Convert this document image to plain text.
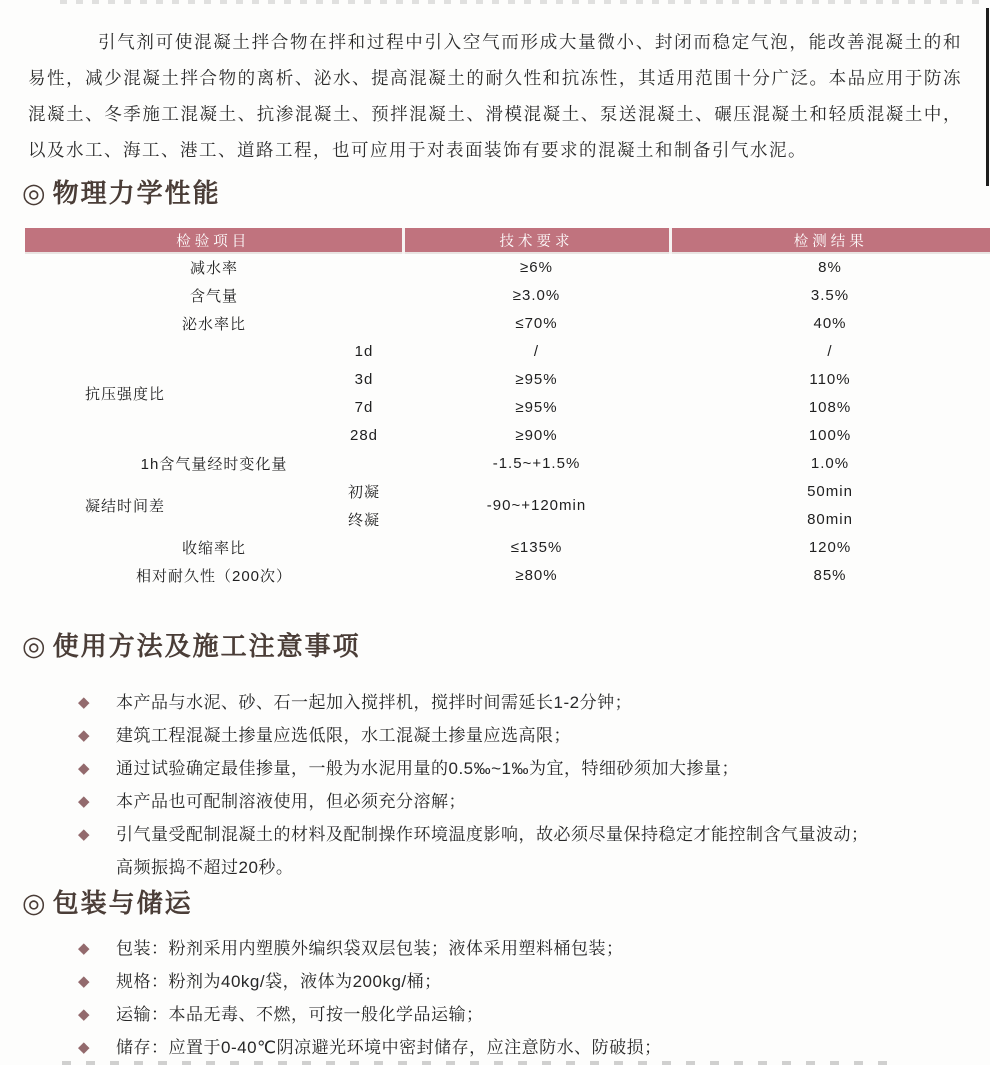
引气剂可使混凝土拌合物在拌和过程中引入空气而形成大量微小、封闭而稳定气泡，能改善混凝土的和易性，减少混凝土拌合物的离析、泌水、提高混凝土的耐久性和抗冻性，其适用范围十分广泛。本品应用于防冻混凝土、冬季施工混凝土、抗渗混凝土、预拌混凝土、滑模混凝土、泵送混凝土、碾压混凝土和轻质混凝土中，以及水工、海工、港工、道路工程，也可应用于对表面装饰有要求的混凝土和制备引气水泥。

◎ 物理力学性能
检验项目		技术要求	检测结果
减水率		≥6%	8%
含气量		≥3.0%	3.5%
泌水率比		≤70%	40%
抗压强度比	1d	/	/
	3d	≥95%	110%
	7d	≥95%	108%
	28d	≥90%	100%
1h含气量经时变化量		-1.5~+1.5%	1.0%
凝结时间差	初凝	-90~+120min	50min
	终凝		80min
收缩率比		≤135%	120%
相对耐久性（200次）		≥80%	85%
◎ 使用方法及施工注意事项
◆ 本产品与水泥、砂、石一起加入搅拌机，搅拌时间需延长1-2分钟；
◆ 建筑工程混凝土掺量应选低限，水工混凝土掺量应选高限；
◆ 通过试验确定最佳掺量，一般为水泥用量的0.5‰~1‰为宜，特细砂须加大掺量；
◆ 本产品也可配制溶液使用，但必须充分溶解；
◆ 引气量受配制混凝土的材料及配制操作环境温度影响，故必须尽量保持稳定才能控制含气量波动；
高频振捣不超过20秒。
◎ 包装与储运
◆ 包装：粉剂采用内塑膜外编织袋双层包装；液体采用塑料桶包装；
◆ 规格：粉剂为40kg/袋，液体为200kg/桶；
◆ 运输：本品无毒、不燃，可按一般化学品运输；
◆ 储存：应置于0-40℃阴凉避光环境中密封储存，应注意防水、防破损；
